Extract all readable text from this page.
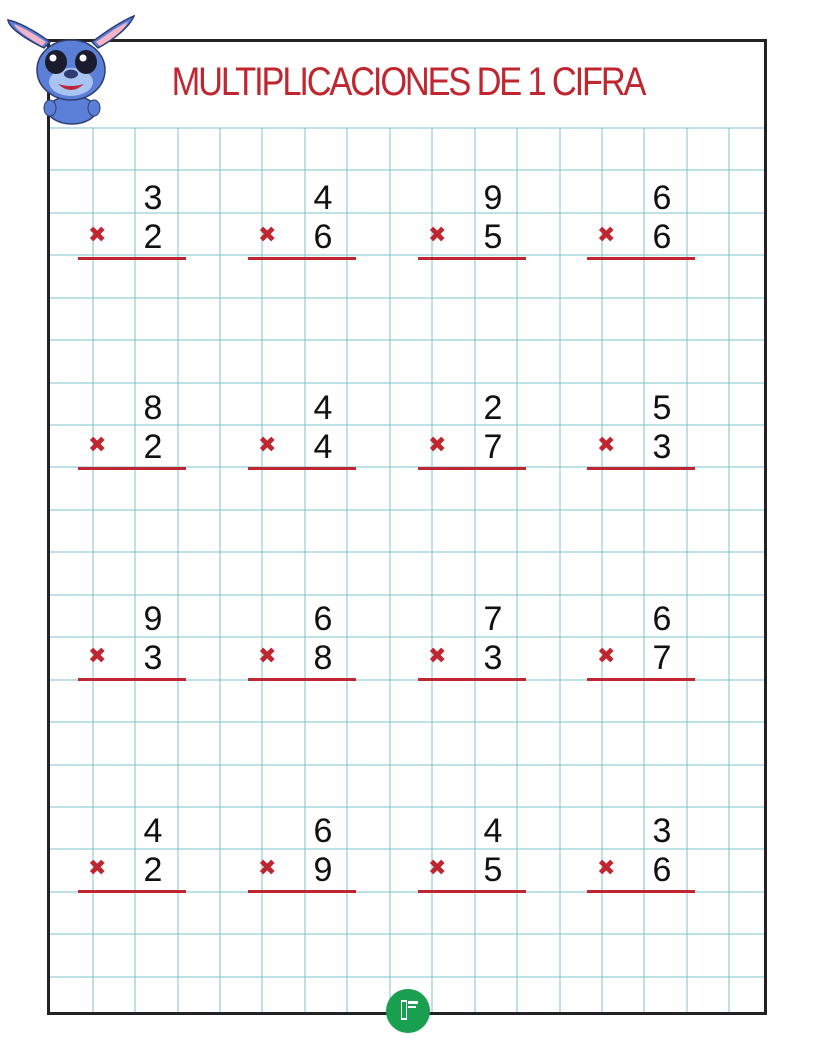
MULTIPLICACIONES DE 1 CIFRA
3
✖ 2
4
✖ 6
9
✖ 5
6
✖ 6
8
✖ 2
4
✖ 4
2
✖ 7
5
✖ 3
9
✖ 3
6
✖ 8
7
✖ 3
6
✖ 7
4
✖ 2
6
✖ 9
4
✖ 5
3
✖ 6
